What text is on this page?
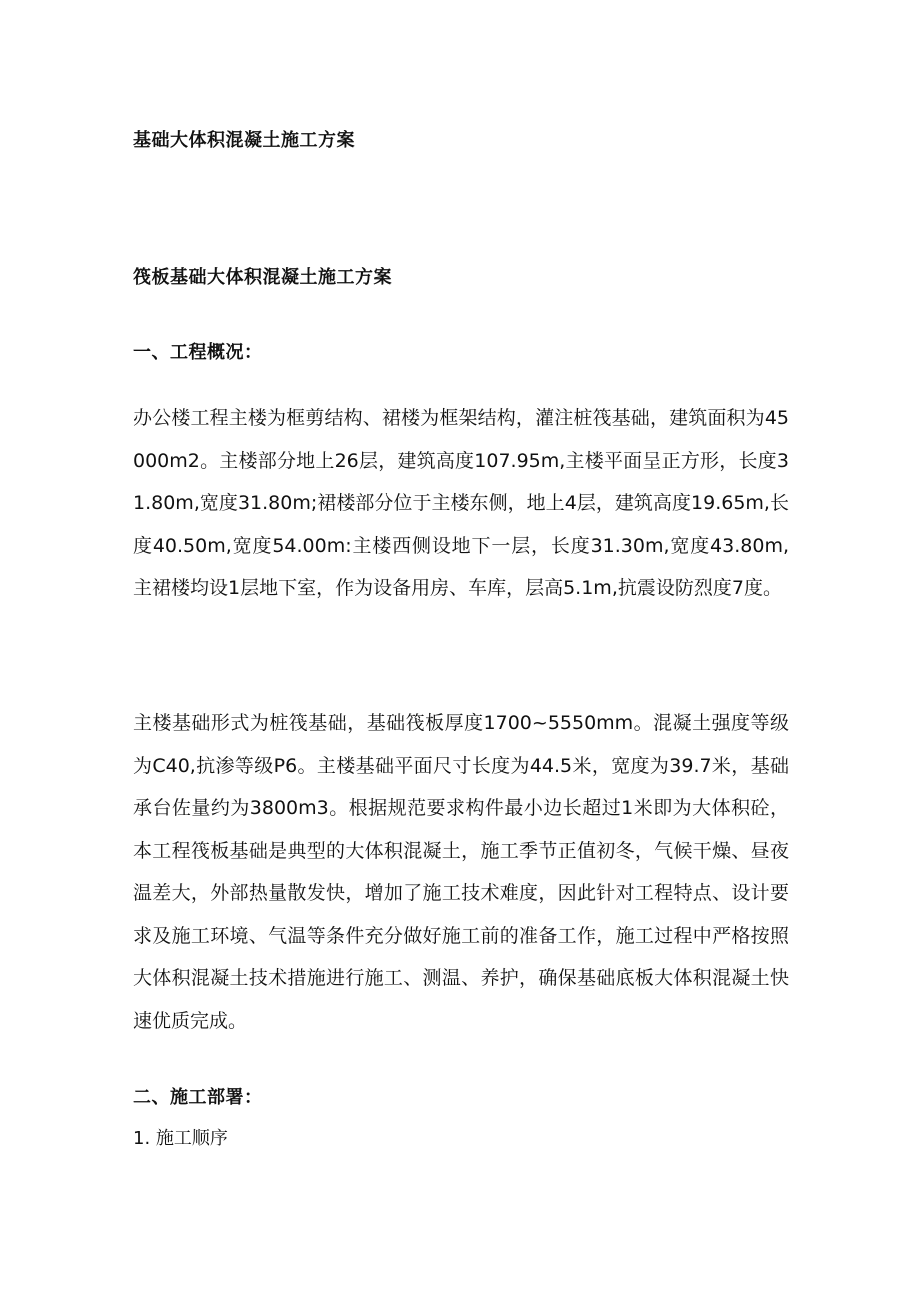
基础大体积混凝土施工方案
筏板基础大体积混凝土施工方案
一、工程概况：
办公楼工程主楼为框剪结构、裙楼为框架结构，灌注桩筏基础，建筑面积为45000m2。主楼部分地上26层，建筑高度107.95m,主楼平面呈正方形，长度31.80m,宽度31.80m;裙楼部分位于主楼东侧，地上4层，建筑高度19.65m,长度40.50m,宽度54.00m:主楼西侧设地下一层，长度31.30m,宽度43.80m,主裙楼均设1层地下室，作为设备用房、车库，层高5.1m,抗震设防烈度7度。
主楼基础形式为桩筏基础，基础筏板厚度1700~5550mm。混凝土强度等级为C40,抗渗等级P6。主楼基础平面尺寸长度为44.5米，宽度为39.7米，基础承台佐量约为3800m3。根据规范要求构件最小边长超过1米即为大体积砼，本工程筏板基础是典型的大体积混凝土，施工季节正值初冬，气候干燥、昼夜温差大，外部热量散发快，增加了施工技术难度，因此针对工程特点、设计要求及施工环境、气温等条件充分做好施工前的准备工作，施工过程中严格按照大体积混凝土技术措施进行施工、测温、养护，确保基础底板大体积混凝土快速优质完成。
二、施工部署：
1. 施工顺序
